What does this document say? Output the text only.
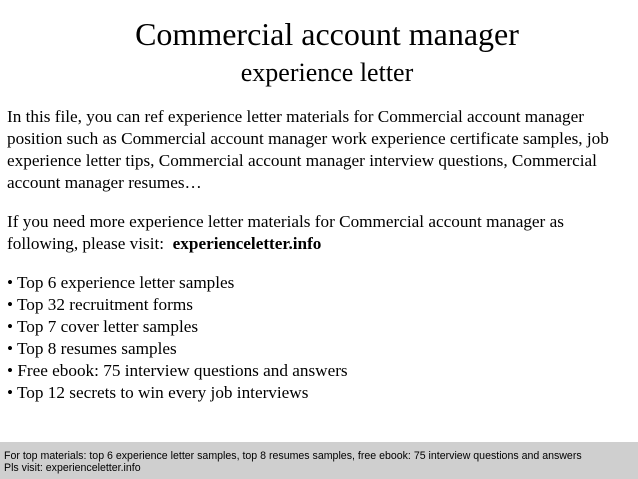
Commercial account manager
experience letter

In this file, you can ref experience letter materials for Commercial account manager position such as Commercial account manager work experience certificate samples, job experience letter tips, Commercial account manager interview questions, Commercial account manager resumes…

If you need more experience letter materials for Commercial account manager as following, please visit: experienceletter.info

• Top 6 experience letter samples
• Top 32 recruitment forms
• Top 7 cover letter samples
• Top 8 resumes samples
• Free ebook: 75 interview questions and answers
• Top 12 secrets to win every job interviews
For top materials: top 6 experience letter samples, top 8 resumes samples, free ebook: 75 interview questions and answers
Pls visit: experienceletter.info
